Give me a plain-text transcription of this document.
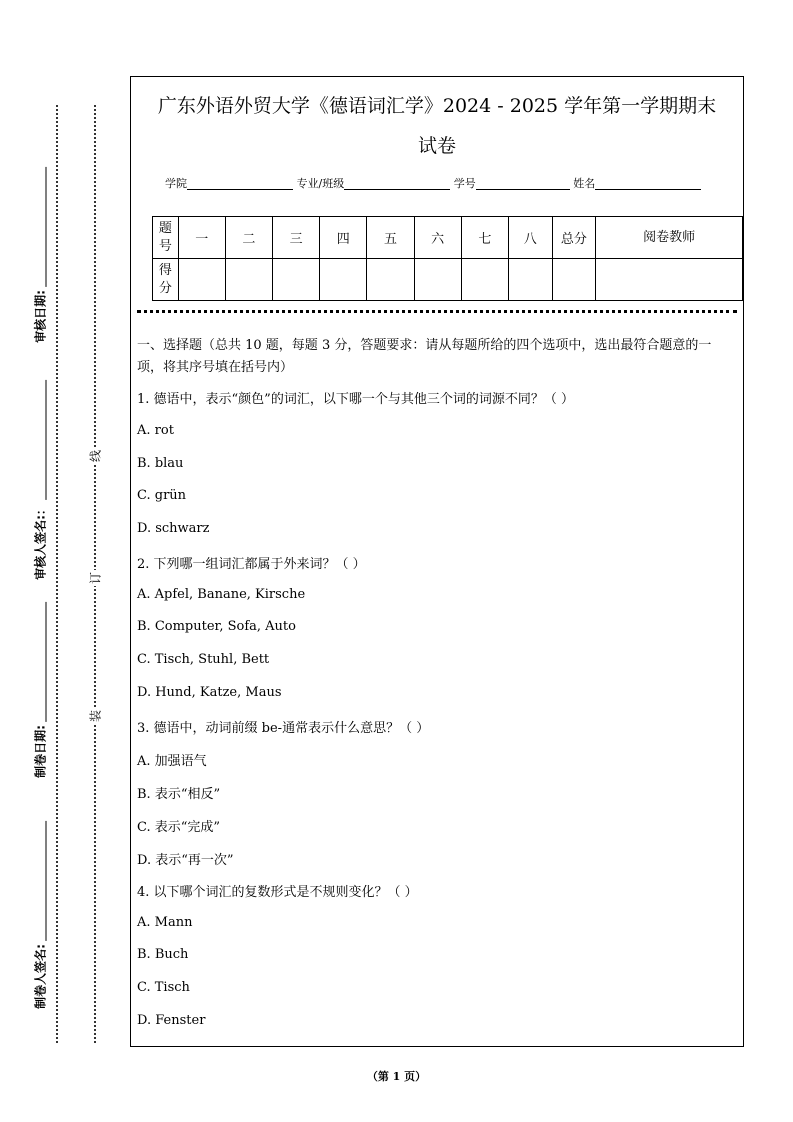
审核日期:
审核人签名:：
制卷日期:
制卷人签名:
线
订
装
广东外语外贸大学《德语词汇学》2024 - 2025 学年第一学期期末
试卷
学院	专业/班级	学号	姓名
题号	一	二	三	四	五	六	七	八	总分	阅卷教师
得分										
一、选择题（总共 10 题，每题 3 分，答题要求：请从每题所给的四个选项中，选出最符合题意的一项，将其序号填在括号内）
1. 德语中，表示“颜色”的词汇，以下哪一个与其他三个词的词源不同？（ ）
A. rot
B. blau
C. grün
D. schwarz
2. 下列哪一组词汇都属于外来词？（ ）
A. Apfel, Banane, Kirsche
B. Computer, Sofa, Auto
C. Tisch, Stuhl, Bett
D. Hund, Katze, Maus
3. 德语中，动词前缀 be-通常表示什么意思？（ ）
A. 加强语气
B. 表示“相反”
C. 表示“完成”
D. 表示“再一次”
4. 以下哪个词汇的复数形式是不规则变化？（ ）
A. Mann
B. Buch
C. Tisch
D. Fenster
（第 1 页）
